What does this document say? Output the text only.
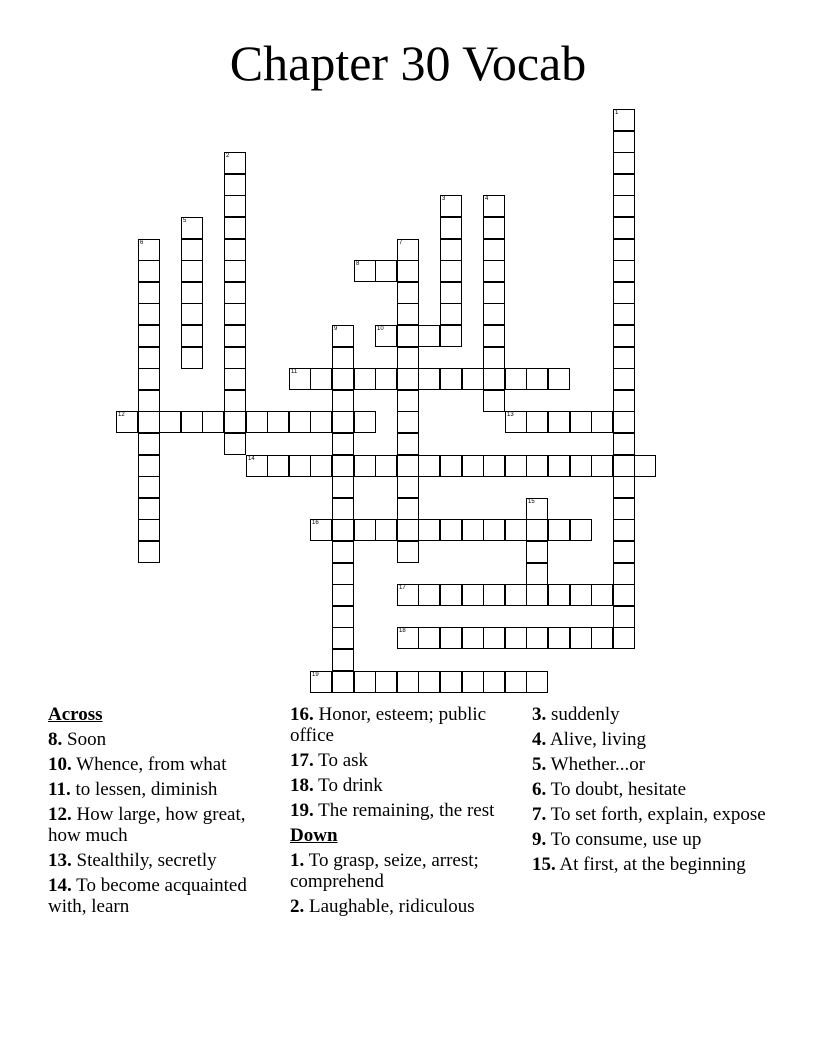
Chapter 30 Vocab
1
2
3	4
5
6	7
8
9	10
11
12	13
14
15
16
17
18
19
Across
8. Soon
10. Whence, from what
11. to lessen, diminish
12. How large, how great, how much
13. Stealthily, secretly
14. To become acquainted with, learn
16. Honor, esteem; public office
17. To ask
18. To drink
19. The remaining, the rest
Down
1. To grasp, seize, arrest; comprehend
2. Laughable, ridiculous
3. suddenly
4. Alive, living
5. Whether...or
6. To doubt, hesitate
7. To set forth, explain, expose
9. To consume, use up
15. At first, at the beginning
